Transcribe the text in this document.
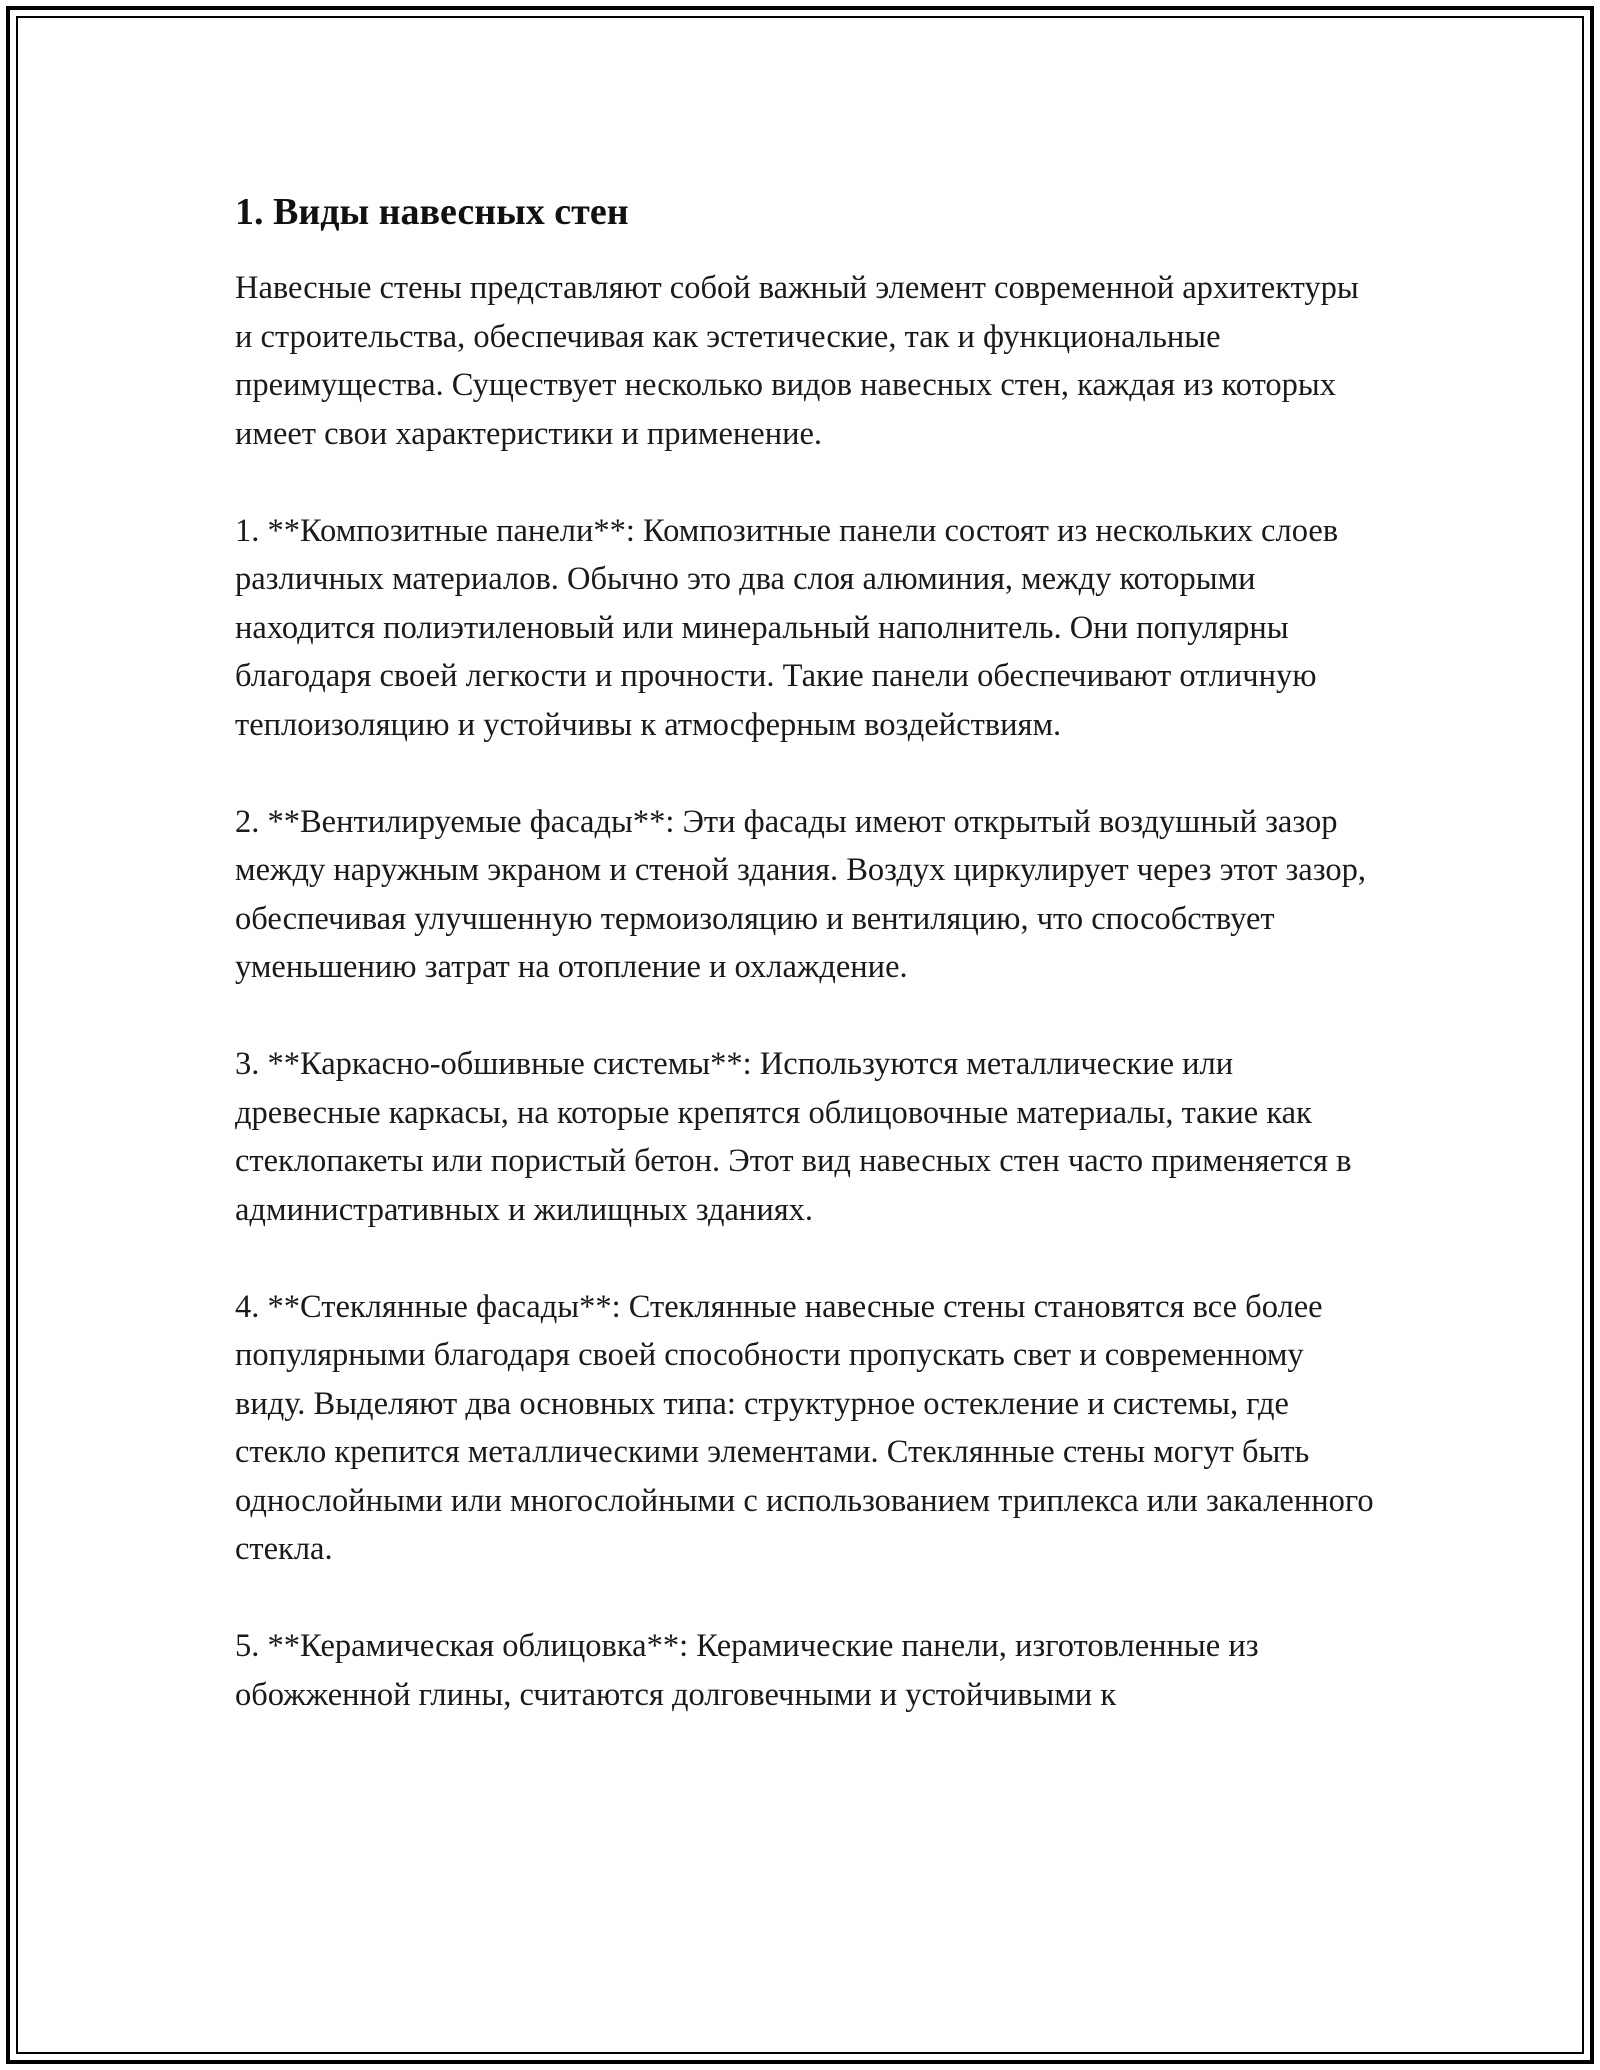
1. Виды навесных стен

Навесные стены представляют собой важный элемент современной архитектуры и строительства, обеспечивая как эстетические, так и функциональные преимущества. Существует несколько видов навесных стен, каждая из которых имеет свои характеристики и применение.

1. **Композитные панели**: Композитные панели состоят из нескольких слоев различных материалов. Обычно это два слоя алюминия, между которыми находится полиэтиленовый или минеральный наполнитель. Они популярны благодаря своей легкости и прочности. Такие панели обеспечивают отличную теплоизоляцию и устойчивы к атмосферным воздействиям.

2. **Вентилируемые фасады**: Эти фасады имеют открытый воздушный зазор между наружным экраном и стеной здания. Воздух циркулирует через этот зазор, обеспечивая улучшенную термоизоляцию и вентиляцию, что способствует уменьшению затрат на отопление и охлаждение.

3. **Каркасно-обшивные системы**: Используются металлические или древесные каркасы, на которые крепятся облицовочные материалы, такие как стеклопакеты или пористый бетон. Этот вид навесных стен часто применяется в административных и жилищных зданиях.

4. **Стеклянные фасады**: Стеклянные навесные стены становятся все более популярными благодаря своей способности пропускать свет и современному виду. Выделяют два основных типа: структурное остекление и системы, где стекло крепится металлическими элементами. Стеклянные стены могут быть однослойными или многослойными с использованием триплекса или закаленного стекла.

5. **Керамическая облицовка**: Керамические панели, изготовленные из обожженной глины, считаются долговечными и устойчивыми к
